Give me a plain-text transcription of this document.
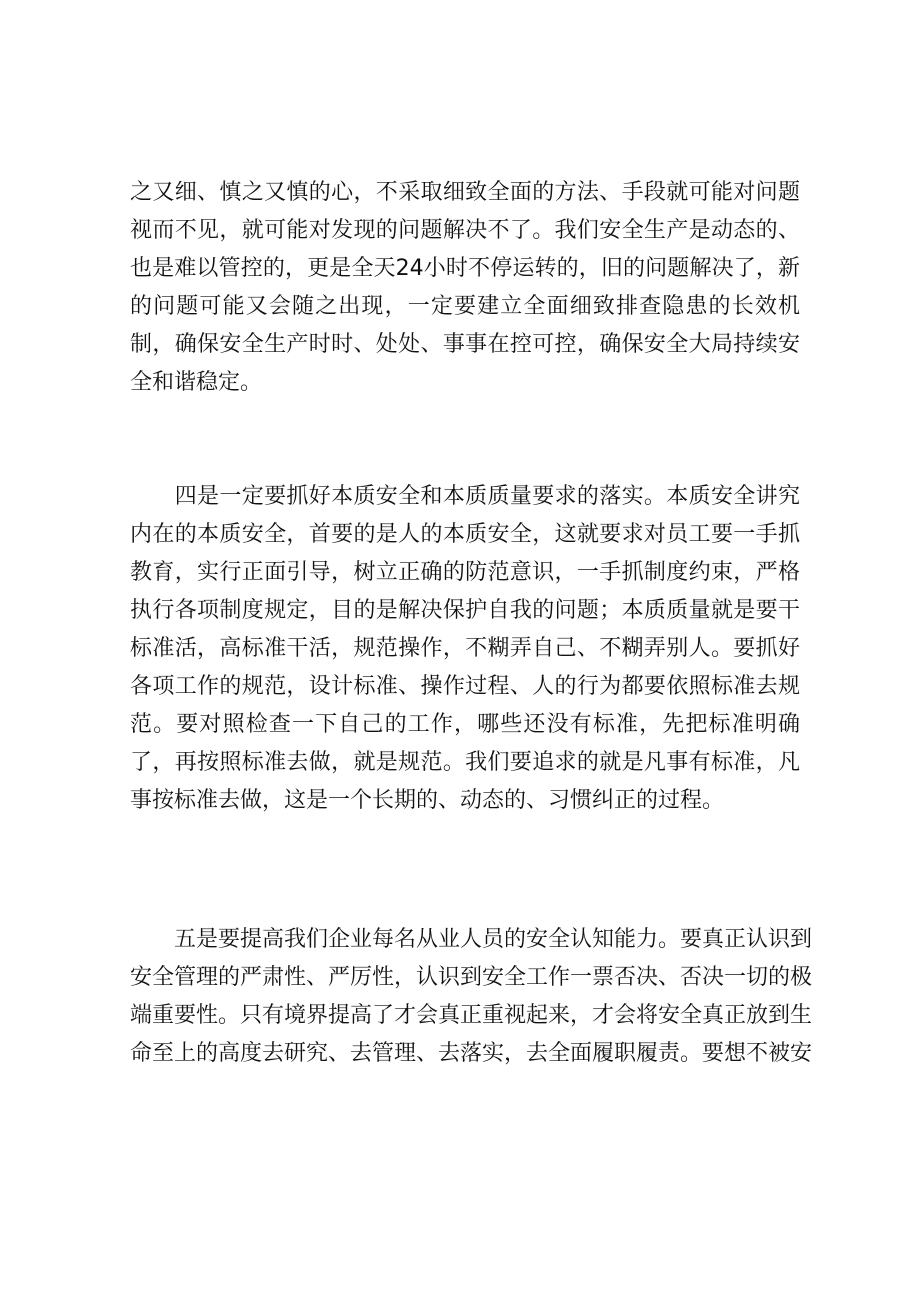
之又细、慎之又慎的心，不采取细致全面的方法、手段就可能对问题
视而不见，就可能对发现的问题解决不了。我们安全生产是动态的、
也是难以管控的，更是全天24小时不停运转的，旧的问题解决了，新
的问题可能又会随之出现，一定要建立全面细致排查隐患的长效机
制，确保安全生产时时、处处、事事在控可控，确保安全大局持续安
全和谐稳定。
　　四是一定要抓好本质安全和本质质量要求的落实。本质安全讲究
内在的本质安全，首要的是人的本质安全，这就要求对员工要一手抓
教育，实行正面引导，树立正确的防范意识，一手抓制度约束，严格
执行各项制度规定，目的是解决保护自我的问题；本质质量就是要干
标准活，高标准干活，规范操作，不糊弄自己、不糊弄别人。要抓好
各项工作的规范，设计标准、操作过程、人的行为都要依照标准去规
范。要对照检查一下自己的工作，哪些还没有标准，先把标准明确
了，再按照标准去做，就是规范。我们要追求的就是凡事有标准，凡
事按标准去做，这是一个长期的、动态的、习惯纠正的过程。
　　五是要提高我们企业每名从业人员的安全认知能力。要真正认识到
安全管理的严肃性、严厉性，认识到安全工作一票否决、否决一切的极
端重要性。只有境界提高了才会真正重视起来，才会将安全真正放到生
命至上的高度去研究、去管理、去落实，去全面履职履责。要想不被安
